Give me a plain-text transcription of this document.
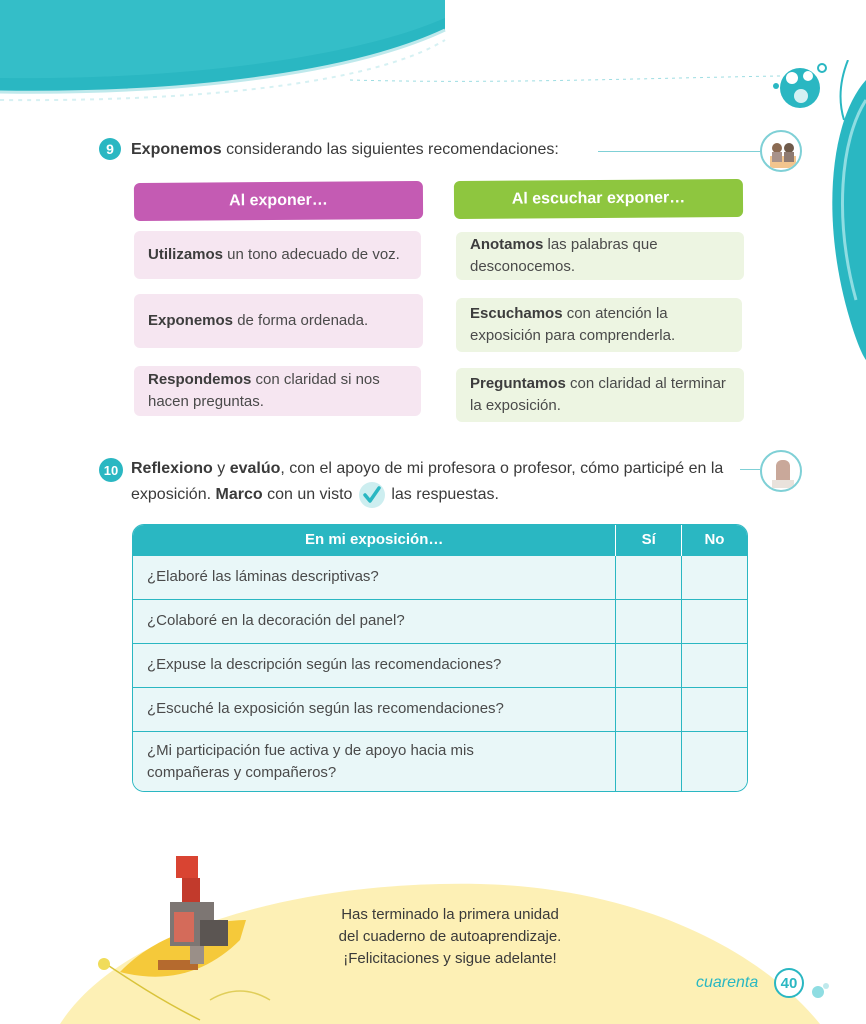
9	Exponemos considerando las siguientes recomendaciones:
Al exponer…
Utilizamos un tono adecuado de voz.
Exponemos de forma ordenada.
Respondemos con claridad si nos hacen preguntas.
Al escuchar exponer…
Anotamos las palabras que desconocemos.
Escuchamos con atención la exposición para comprenderla.
Preguntamos con claridad al terminar la exposición.
10 Reflexiono y evalúo, con el apoyo de mi profesora o profesor, cómo participé en la exposición. Marco con un visto
las respuestas.
En mi exposición…	Sí	No
¿Elaboré las láminas descriptivas?		
¿Colaboré en la decoración del panel?		
¿Expuse la descripción según las recomendaciones?		
¿Escuché la exposición según las recomendaciones?		

¿Mi participación fue activa y de apoyo hacia mis compañeras y compañeros?		

Has terminado la primera unidad
del cuaderno de autoaprendizaje.
¡Felicitaciones y sigue adelante!
cuarenta	40
